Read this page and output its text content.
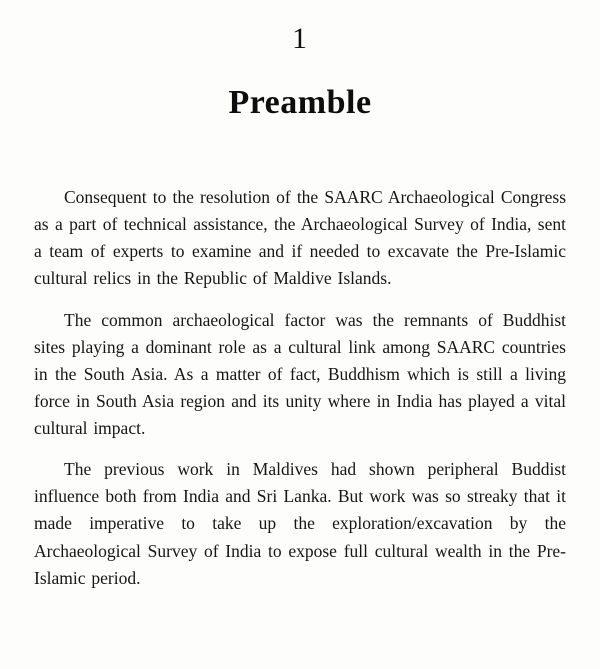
1
Preamble

Consequent to the resolution of the SAARC Archaeological Congress as a part of technical assistance, the Archaeological Survey of India, sent a team of experts to examine and if needed to excavate the Pre-Islamic cultural relics in the Republic of Maldive Islands.

The common archaeological factor was the remnants of Buddhist sites playing a dominant role as a cultural link among SAARC countries in the South Asia. As a matter of fact, Buddhism which is still a living force in South Asia region and its unity where in India has played a vital cultural impact.

The previous work in Maldives had shown peripheral Buddist influence both from India and Sri Lanka. But work was so streaky that it made imperative to take up the exploration/excavation by the Archaeological Survey of India to expose full cultural wealth in the Pre-Islamic period.
